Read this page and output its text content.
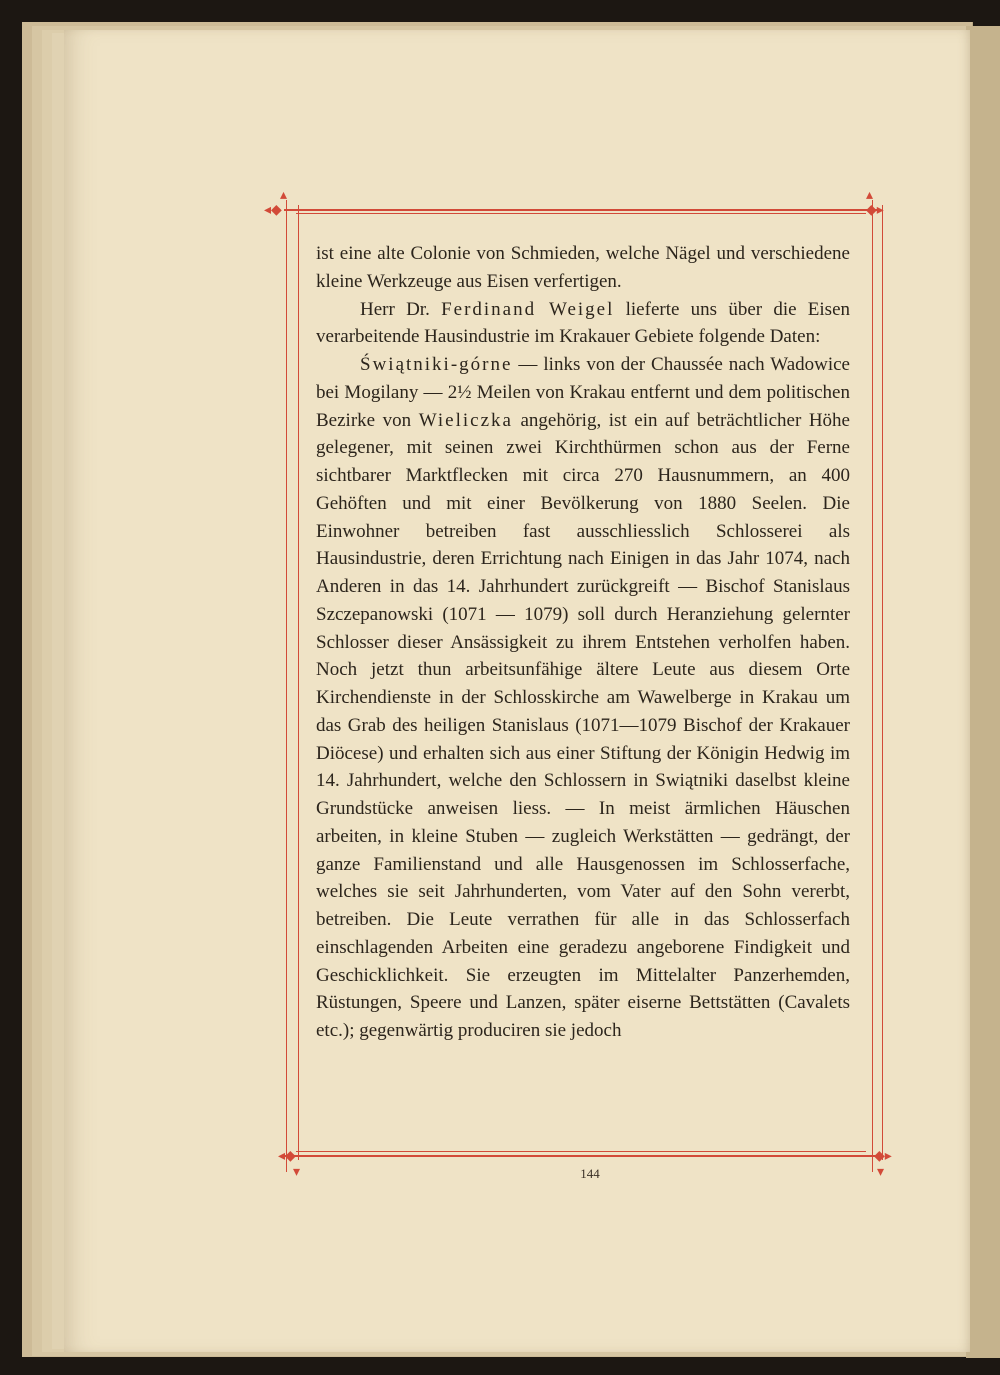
◂◆	◆▸
▴	▴
◂◆	◆▸
▾	▾

ist eine alte Colonie von Schmieden, welche Nägel und verschiedene kleine Werkzeuge aus Eisen verfertigen.

Herr Dr. Ferdinand Weigel lieferte uns über die Eisen verarbeitende Hausindustrie im Krakauer Gebiete folgende Daten:

Świątniki-górne — links von der Chaussée nach Wadowice bei Mogilany — 2½ Meilen von Krakau entfernt und dem politischen Bezirke von Wieliczka angehörig, ist ein auf beträchtlicher Höhe gelegener, mit seinen zwei Kirchthürmen schon aus der Ferne sichtbarer Marktflecken mit circa 270 Hausnummern, an 400 Gehöften und mit einer Bevölkerung von 1880 Seelen. Die Einwohner betreiben fast ausschliesslich Schlosserei als Hausindustrie, deren Errichtung nach Einigen in das Jahr 1074, nach Anderen in das 14. Jahrhundert zurückgreift — Bischof Stanislaus Szczepanowski (1071 — 1079) soll durch Heranziehung gelernter Schlosser dieser Ansässigkeit zu ihrem Entstehen verholfen haben. Noch jetzt thun arbeitsunfähige ältere Leute aus diesem Orte Kirchendienste in der Schlosskirche am Wawelberge in Krakau um das Grab des heiligen Stanislaus (1071—1079 Bischof der Krakauer Diöcese) und erhalten sich aus einer Stiftung der Königin Hedwig im 14. Jahrhundert, welche den Schlossern in Swiątniki daselbst kleine Grundstücke anweisen liess. — In meist ärmlichen Häuschen arbeiten, in kleine Stuben — zugleich Werkstätten — gedrängt, der ganze Familienstand und alle Hausgenossen im Schlosserfache, welches sie seit Jahrhunderten, vom Vater auf den Sohn vererbt, betreiben. Die Leute verrathen für alle in das Schlosserfach einschlagenden Arbeiten eine geradezu angeborene Findigkeit und Geschicklichkeit. Sie erzeugten im Mittelalter Panzerhemden, Rüstungen, Speere und Lanzen, später eiserne Bettstätten (Cavalets etc.); gegenwärtig produciren sie jedoch

144
